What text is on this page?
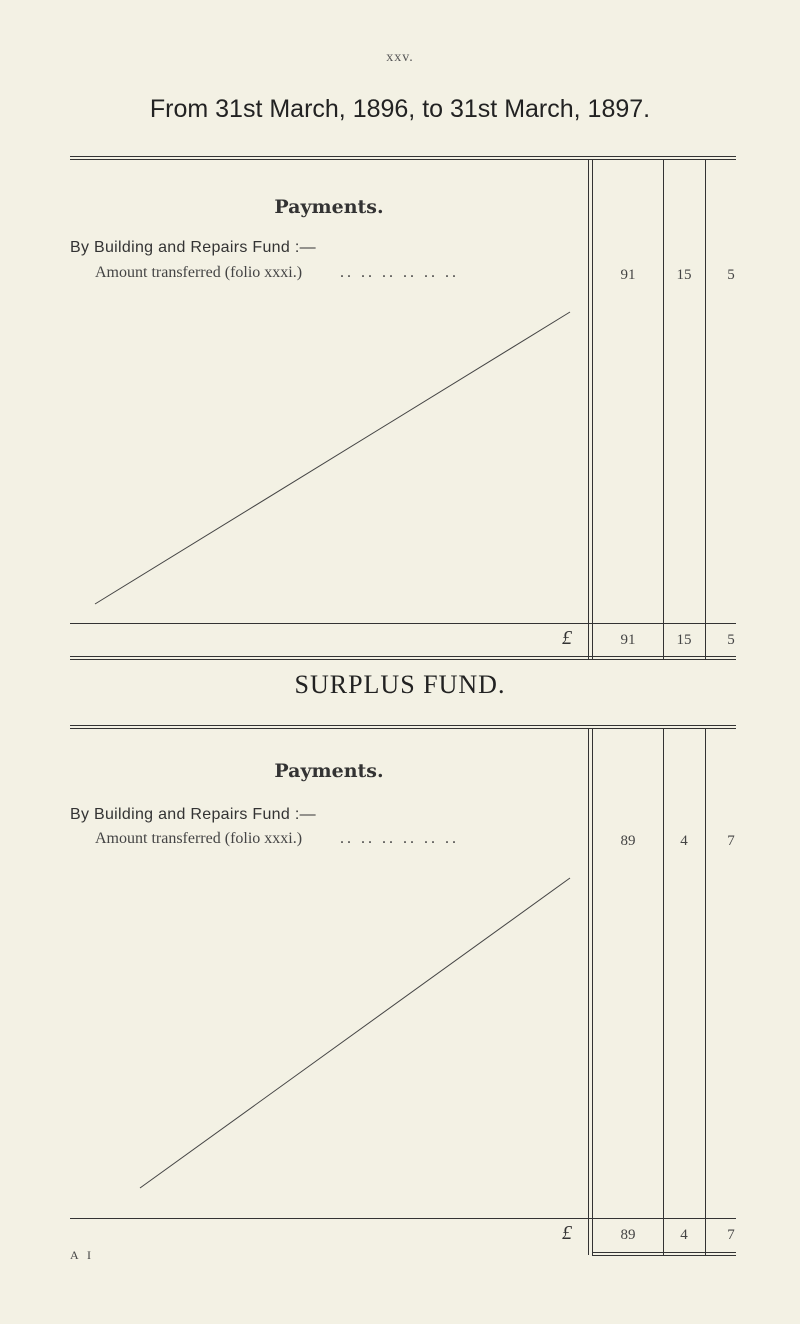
xxv.
From 31st March, 1896, to 31st March, 1897.
Payments.
By Building and Repairs Fund :—
Amount transferred (folio xxxi.) .. .. .. .. .. ..	91	15	5
£	91	15	5
SURPLUS FUND.
Payments.
By Building and Repairs Fund :—
Amount transferred (folio xxxi.) .. .. .. .. .. ..	89	4	7
£	89	4	7
A I
